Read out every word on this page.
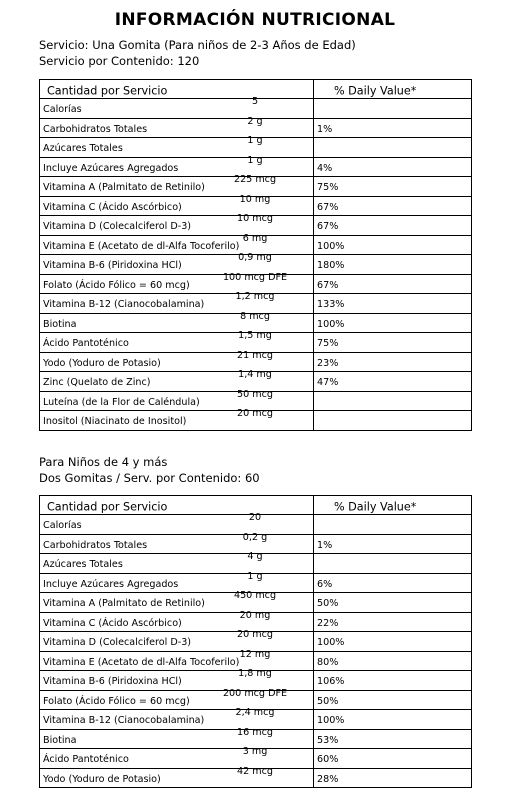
INFORMACIÓN NUTRICIONAL
Servicio: Una Gomita (Para niños de 2-3 Años de Edad)
Servicio por Contenido: 120
Cantidad por Servicio	% Daily Value*

Calorías
5	

Carbohidratos Totales
2 g	1%

Azúcares Totales
1 g	

Incluye Azúcares Agregados
1 g	4%

Vitamina A (Palmitato de Retinilo)
225 mcg	75%

Vitamina C (Ácido Ascórbico)
10 mg	67%

Vitamina D (Colecalciferol D-3)
10 mcg	67%

Vitamina E (Acetato de dl-Alfa Tocoferilo)
6 mg	100%

Vitamina B-6 (Piridoxina HCl)
0,9 mg	180%

Folato (Ácido Fólico = 60 mcg)
100 mcg DFE	67%

Vitamina B-12 (Cianocobalamina)
1,2 mcg	133%

Biotina
8 mcg	100%

Ácido Pantoténico
1,5 mg	75%

Yodo (Yoduro de Potasio)
21 mcg	23%

Zinc (Quelato de Zinc)
1,4 mg	47%

Luteína (de la Flor de Caléndula)
50 mcg	

Inositol (Niacinato de Inositol)
20 mcg	

Para Niños de 4 y más
Dos Gomitas / Serv. por Contenido: 60
Cantidad por Servicio	% Daily Value*

Calorías
20	

Carbohidratos Totales
0,2 g	1%

Azúcares Totales
4 g	

Incluye Azúcares Agregados
1 g	6%

Vitamina A (Palmitato de Retinilo)
450 mcg	50%

Vitamina C (Ácido Ascórbico)
20 mg	22%

Vitamina D (Colecalciferol D-3)
20 mcg	100%

Vitamina E (Acetato de dl-Alfa Tocoferilo)
12 mg	80%

Vitamina B-6 (Piridoxina HCl)
1,8 mg	106%

Folato (Ácido Fólico = 60 mcg)
200 mcg DFE	50%

Vitamina B-12 (Cianocobalamina)
2,4 mcg	100%

Biotina
16 mcg	53%

Ácido Pantoténico
3 mg	60%

Yodo (Yoduro de Potasio)
42 mcg	28%
